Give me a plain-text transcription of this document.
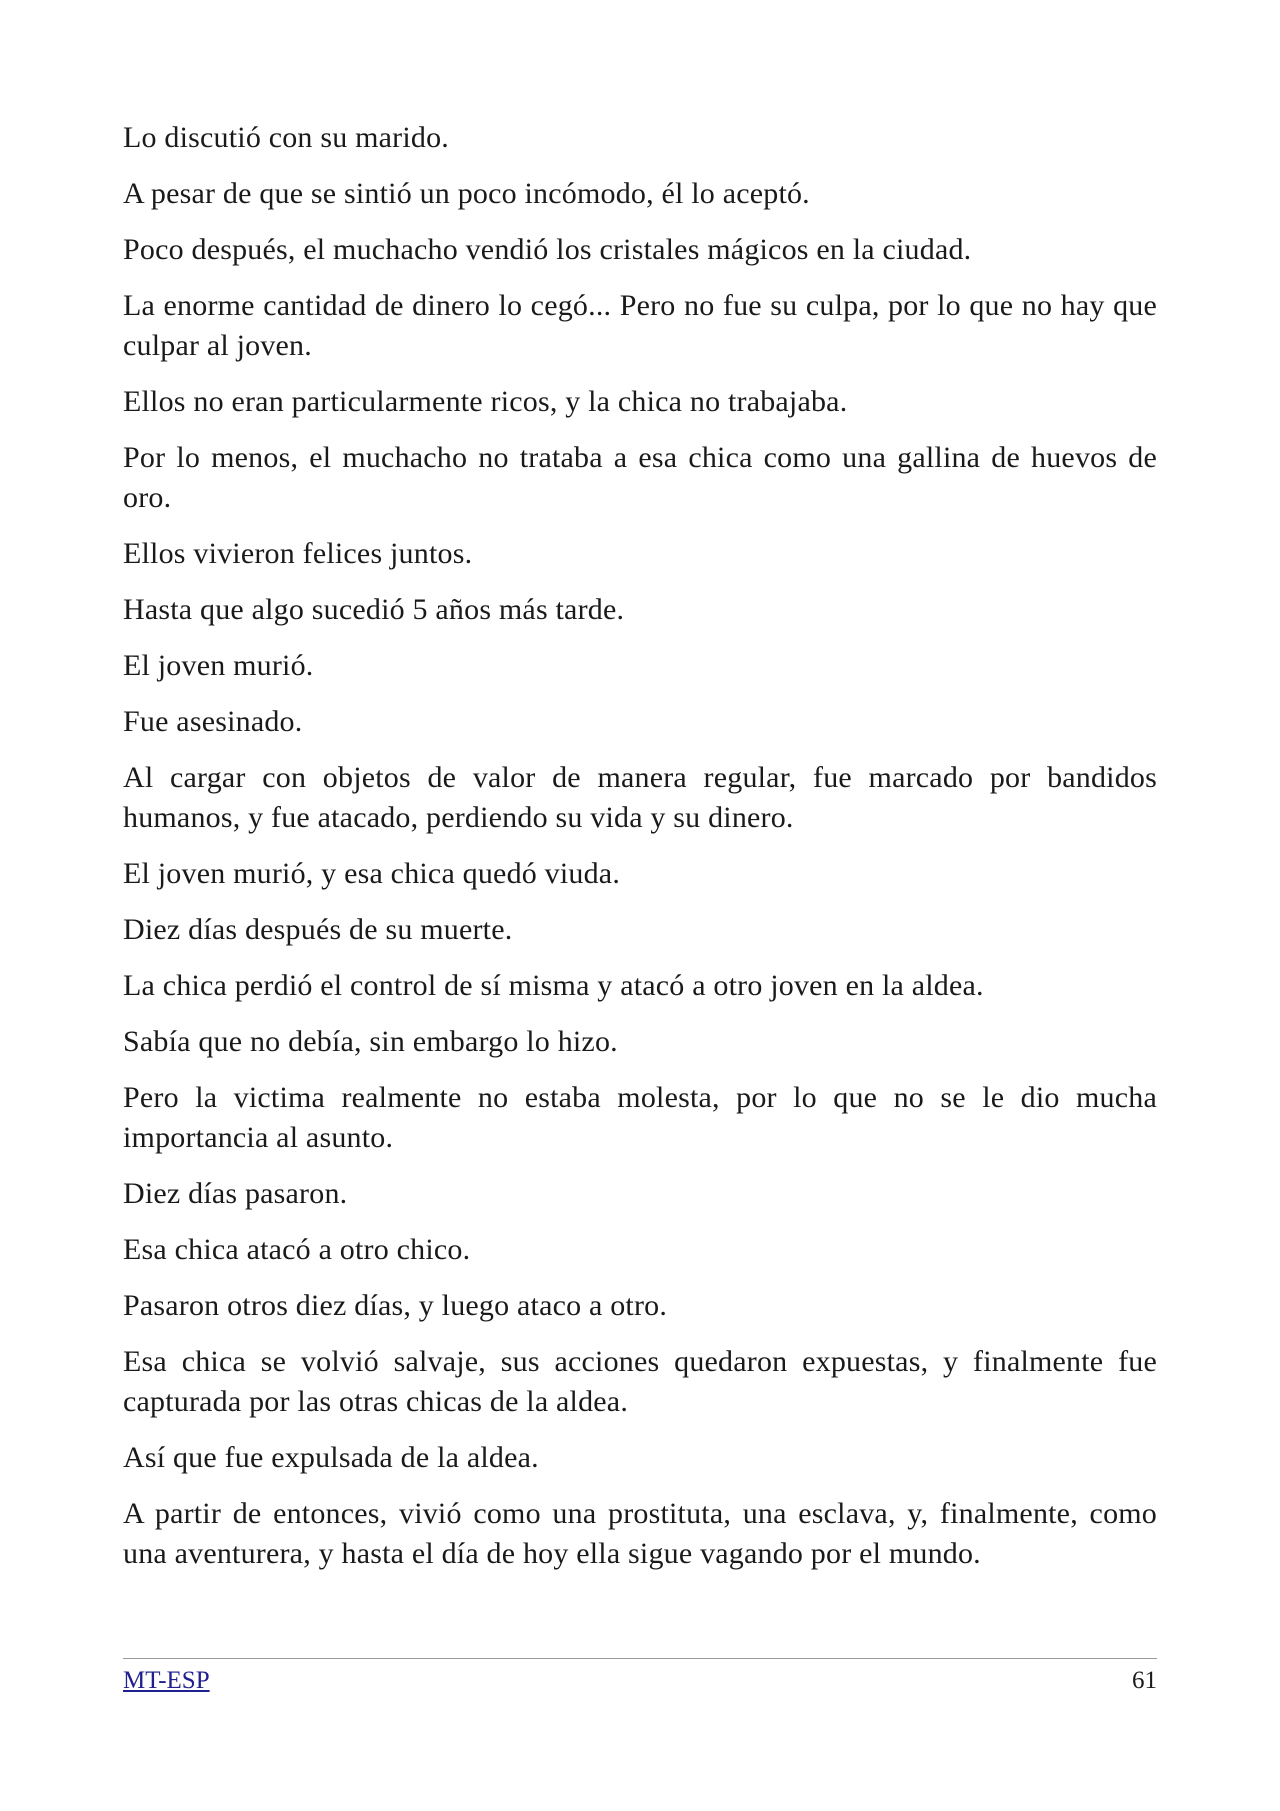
Lo discutió con su marido.

A pesar de que se sintió un poco incómodo, él lo aceptó.

Poco después, el muchacho vendió los cristales mágicos en la ciudad.

La enorme cantidad de dinero lo cegó... Pero no fue su culpa, por lo que no hay que culpar al joven.

Ellos no eran particularmente ricos, y la chica no trabajaba.

Por lo menos, el muchacho no trataba a esa chica como una gallina de huevos de oro.

Ellos vivieron felices juntos.

Hasta que algo sucedió 5 años más tarde.

El joven murió.

Fue asesinado.

Al cargar con objetos de valor de manera regular, fue marcado por bandidos humanos, y fue atacado, perdiendo su vida y su dinero.

El joven murió, y esa chica quedó viuda.

Diez días después de su muerte.

La chica perdió el control de sí misma y atacó a otro joven en la aldea.

Sabía que no debía, sin embargo lo hizo.

Pero la victima realmente no estaba molesta, por lo que no se le dio mucha importancia al asunto.

Diez días pasaron.

Esa chica atacó a otro chico.

Pasaron otros diez días, y luego ataco a otro.

Esa chica se volvió salvaje, sus acciones quedaron expuestas, y finalmente fue capturada por las otras chicas de la aldea.

Así que fue expulsada de la aldea.

A partir de entonces, vivió como una prostituta, una esclava, y, finalmente, como una aventurera, y hasta el día de hoy ella sigue vagando por el mundo.

MT-ESP	61
